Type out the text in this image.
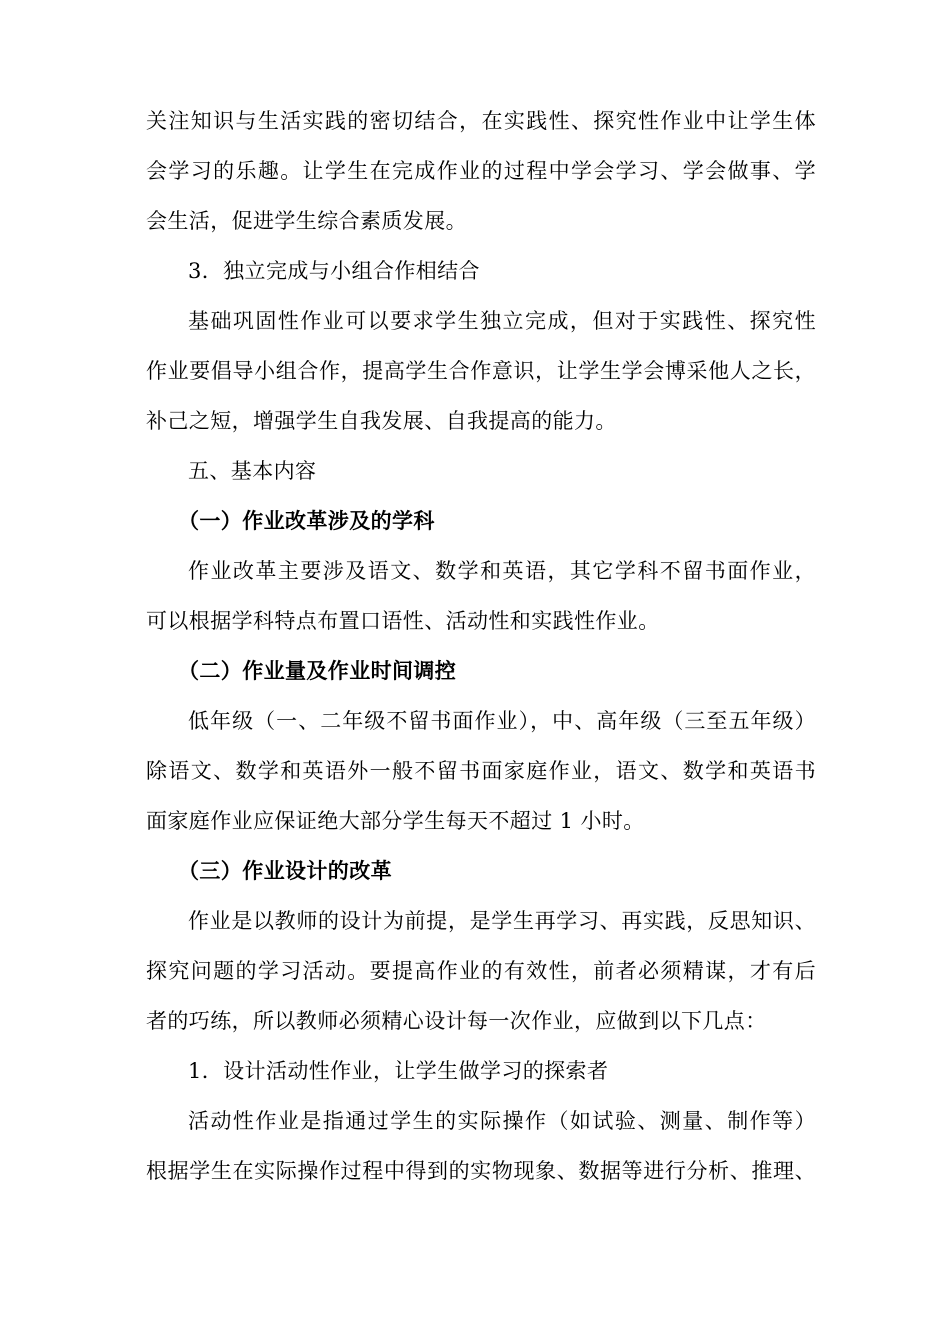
关注知识与生活实践的密切结合，在实践性、探究性作业中让学生体
会学习的乐趣。让学生在完成作业的过程中学会学习、学会做事、学
会生活，促进学生综合素质发展。
3．独立完成与小组合作相结合
基础巩固性作业可以要求学生独立完成，但对于实践性、探究性
作业要倡导小组合作，提高学生合作意识，让学生学会博采他人之长，
补己之短，增强学生自我发展、自我提高的能力。
五、基本内容
（一）作业改革涉及的学科
作业改革主要涉及语文、数学和英语，其它学科不留书面作业，
可以根据学科特点布置口语性、活动性和实践性作业。
（二）作业量及作业时间调控
低年级（一、二年级不留书面作业），中、高年级（三至五年级）
除语文、数学和英语外一般不留书面家庭作业，语文、数学和英语书
面家庭作业应保证绝大部分学生每天不超过 1 小时。
（三）作业设计的改革
作业是以教师的设计为前提，是学生再学习、再实践，反思知识、
探究问题的学习活动。要提高作业的有效性，前者必须精谋，才有后
者的巧练，所以教师必须精心设计每一次作业，应做到以下几点：
1．设计活动性作业，让学生做学习的探索者
活动性作业是指通过学生的实际操作（如试验、测量、制作等）
根据学生在实际操作过程中得到的实物现象、数据等进行分析、推理、
